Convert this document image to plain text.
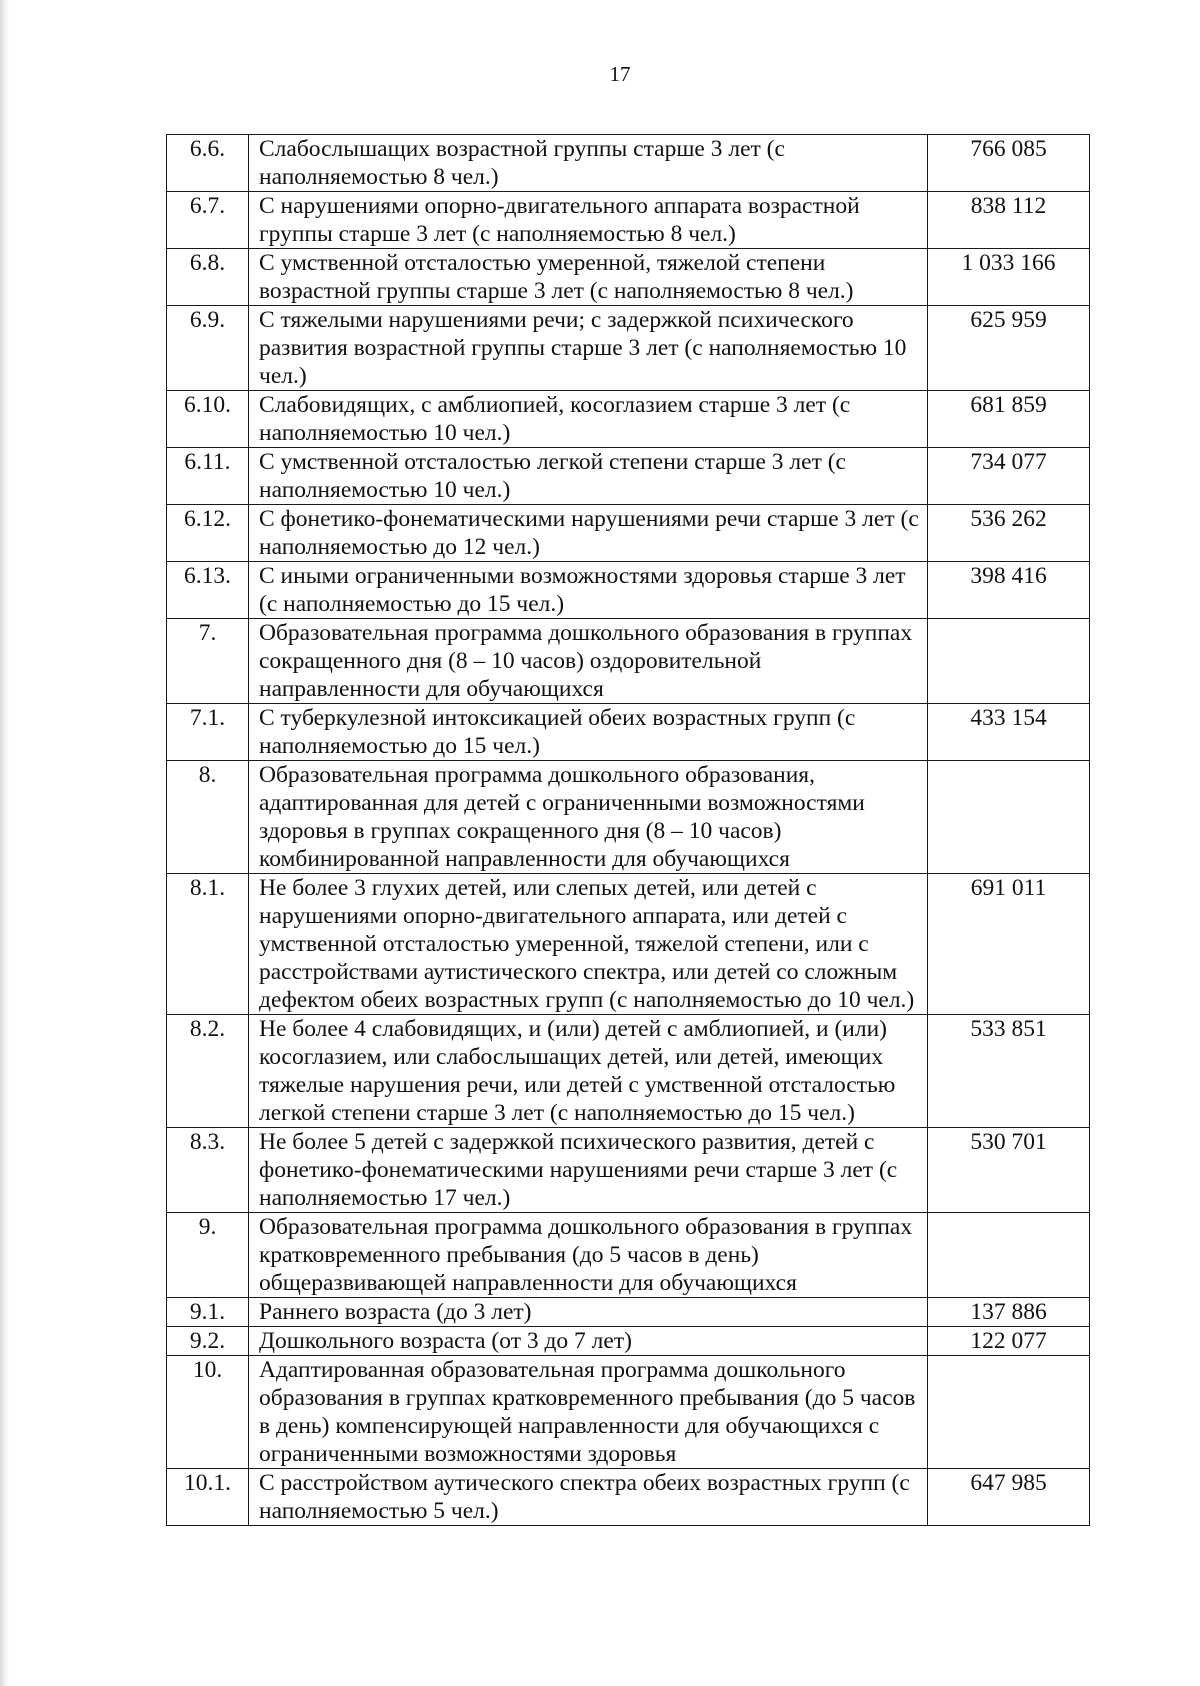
17
6.6.	Слабослышащих возрастной группы старше 3 лет (с наполняемостью 8 чел.)	766 085
6.7.	С нарушениями опорно-двигательного аппарата возрастной группы старше 3 лет (с наполняемостью 8 чел.)	838 112
6.8.	С умственной отсталостью умеренной, тяжелой степени возрастной группы старше 3 лет (с наполняемостью 8 чел.)	1 033 166
6.9.	С тяжелыми нарушениями речи; с задержкой психического развития возрастной группы старше 3 лет (с наполняемостью 10 чел.)	625 959
6.10.	Слабовидящих, с амблиопией, косоглазием старше 3 лет (с наполняемостью 10 чел.)	681 859
6.11.	С умственной отсталостью легкой степени старше 3 лет (с наполняемостью 10 чел.)	734 077
6.12.	С фонетико-фонематическими нарушениями речи старше 3 лет (с наполняемостью до 12 чел.)	536 262
6.13.	С иными ограниченными возможностями здоровья старше 3 лет (с наполняемостью до 15 чел.)	398 416
7.	Образовательная программа дошкольного образования в группах сокращенного дня (8 – 10 часов) оздоровительной направленности для обучающихся	
7.1.	С туберкулезной интоксикацией обеих возрастных групп (с наполняемостью до 15 чел.)	433 154
8.	Образовательная программа дошкольного образования, адаптированная для детей с ограниченными возможностями здоровья в группах сокращенного дня (8 – 10 часов) комбинированной направленности для обучающихся	
8.1.	Не более 3 глухих детей, или слепых детей, или детей с нарушениями опорно-двигательного аппарата, или детей с умственной отсталостью умеренной, тяжелой степени, или с расстройствами аутистического спектра, или детей со сложным дефектом обеих возрастных групп (с наполняемостью до 10 чел.)	691 011
8.2.	Не более 4 слабовидящих, и (или) детей с амблиопией, и (или) косоглазием, или слабослышащих детей, или детей, имеющих тяжелые нарушения речи, или детей с умственной отсталостью легкой степени старше 3 лет (с наполняемостью до 15 чел.)	533 851
8.3.	Не более 5 детей с задержкой психического развития, детей с фонетико-фонематическими нарушениями речи старше 3 лет (с наполняемостью 17 чел.)	530 701
9.	Образовательная программа дошкольного образования в группах кратковременного пребывания (до 5 часов в день) общеразвивающей направленности для обучающихся	
9.1.	Раннего возраста (до 3 лет)	137 886
9.2.	Дошкольного возраста (от 3 до 7 лет)	122 077
10.	Адаптированная образовательная программа дошкольного образования в группах кратковременного пребывания (до 5 часов в день) компенсирующей направленности для обучающихся с ограниченными возможностями здоровья	
10.1.	С расстройством аутического спектра обеих возрастных групп (с наполняемостью 5 чел.)	647 985
